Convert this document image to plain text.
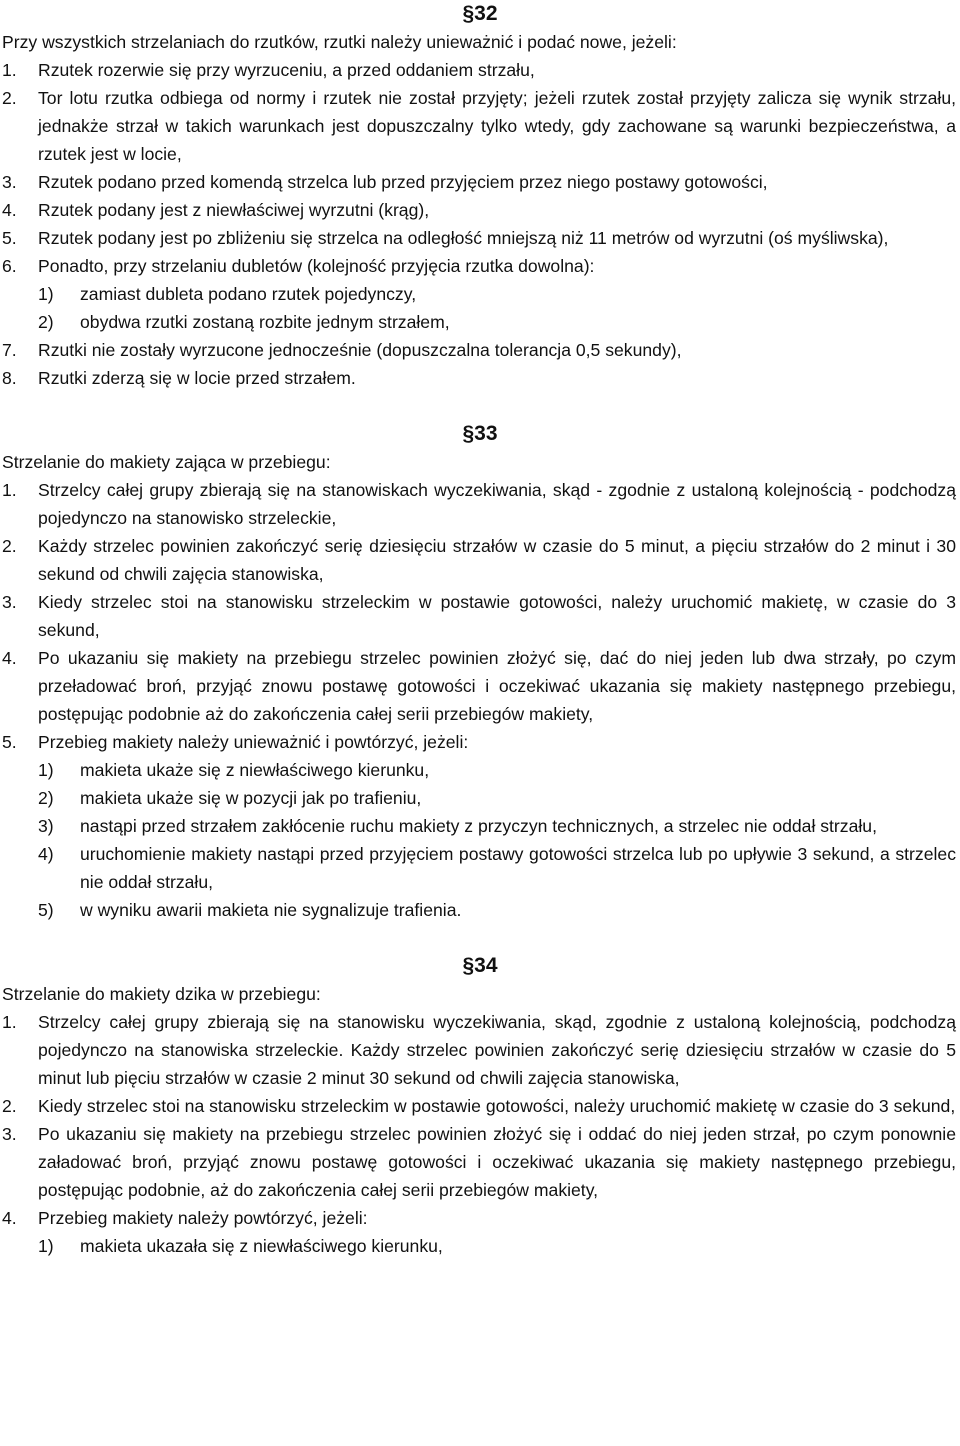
§32

Przy wszystkich strzelaniach do rzutków, rzutki należy unieważnić i podać nowe, jeżeli:

1. Rzutek rozerwie się przy wyrzuceniu, a przed oddaniem strzału,
2. Tor lotu rzutka odbiega od normy i rzutek nie został przyjęty; jeżeli rzutek został przyjęty zalicza się wynik strzału, jednakże strzał w takich warunkach jest dopuszczalny tylko wtedy, gdy zachowane są warunki bezpieczeństwa, a rzutek jest w locie,
3. Rzutek podano przed komendą strzelca lub przed przyjęciem przez niego postawy gotowości,
4. Rzutek podany jest z niewłaściwej wyrzutni (krąg),
5. Rzutek podany jest po zbliżeniu się strzelca na odległość mniejszą niż 11 metrów od wyrzutni (oś myśliwska),
6. Ponadto, przy strzelaniu dubletów (kolejność przyjęcia rzutka dowolna):
1) zamiast dubleta podano rzutek pojedynczy,
2) obydwa rzutki zostaną rozbite jednym strzałem,
7. Rzutki nie zostały wyrzucone jednocześnie (dopuszczalna tolerancja 0,5 sekundy),
8. Rzutki zderzą się w locie przed strzałem.
§33

Strzelanie do makiety zająca w przebiegu:

1. Strzelcy całej grupy zbierają się na stanowiskach wyczekiwania, skąd - zgodnie z ustaloną kolejnością - podchodzą pojedynczo na stanowisko strzeleckie,
2. Każdy strzelec powinien zakończyć serię dziesięciu strzałów w czasie do 5 minut, a pięciu strzałów do 2 minut i 30 sekund od chwili zajęcia stanowiska,
3. Kiedy strzelec stoi na stanowisku strzeleckim w postawie gotowości, należy uruchomić makietę, w czasie do 3 sekund,
4. Po ukazaniu się makiety na przebiegu strzelec powinien złożyć się, dać do niej jeden lub dwa strzały, po czym przeładować broń, przyjąć znowu postawę gotowości i oczekiwać ukazania się makiety następnego przebiegu, postępując podobnie aż do zakończenia całej serii przebiegów makiety,
5. Przebieg makiety należy unieważnić i powtórzyć, jeżeli:
1) makieta ukaże się z niewłaściwego kierunku,
2) makieta ukaże się w pozycji jak po trafieniu,
3) nastąpi przed strzałem zakłócenie ruchu makiety z przyczyn technicznych, a strzelec nie oddał strzału,
4) uruchomienie makiety nastąpi przed przyjęciem postawy gotowości strzelca lub po upływie 3 sekund, a strzelec nie oddał strzału,
5) w wyniku awarii makieta nie sygnalizuje trafienia.
§34

Strzelanie do makiety dzika w przebiegu:

1. Strzelcy całej grupy zbierają się na stanowisku wyczekiwania, skąd, zgodnie z ustaloną kolejnością, podchodzą pojedynczo na stanowiska strzeleckie. Każdy strzelec powinien zakończyć serię dziesięciu strzałów w czasie do 5 minut lub pięciu strzałów w czasie 2 minut 30 sekund od chwili zajęcia stanowiska,
2. Kiedy strzelec stoi na stanowisku strzeleckim w postawie gotowości, należy uruchomić makietę w czasie do 3 sekund,
3. Po ukazaniu się makiety na przebiegu strzelec powinien złożyć się i oddać do niej jeden strzał, po czym ponownie załadować broń, przyjąć znowu postawę gotowości i oczekiwać ukazania się makiety następnego przebiegu, postępując podobnie, aż do zakończenia całej serii przebiegów makiety,
4. Przebieg makiety należy powtórzyć, jeżeli:
1) makieta ukazała się z niewłaściwego kierunku,
